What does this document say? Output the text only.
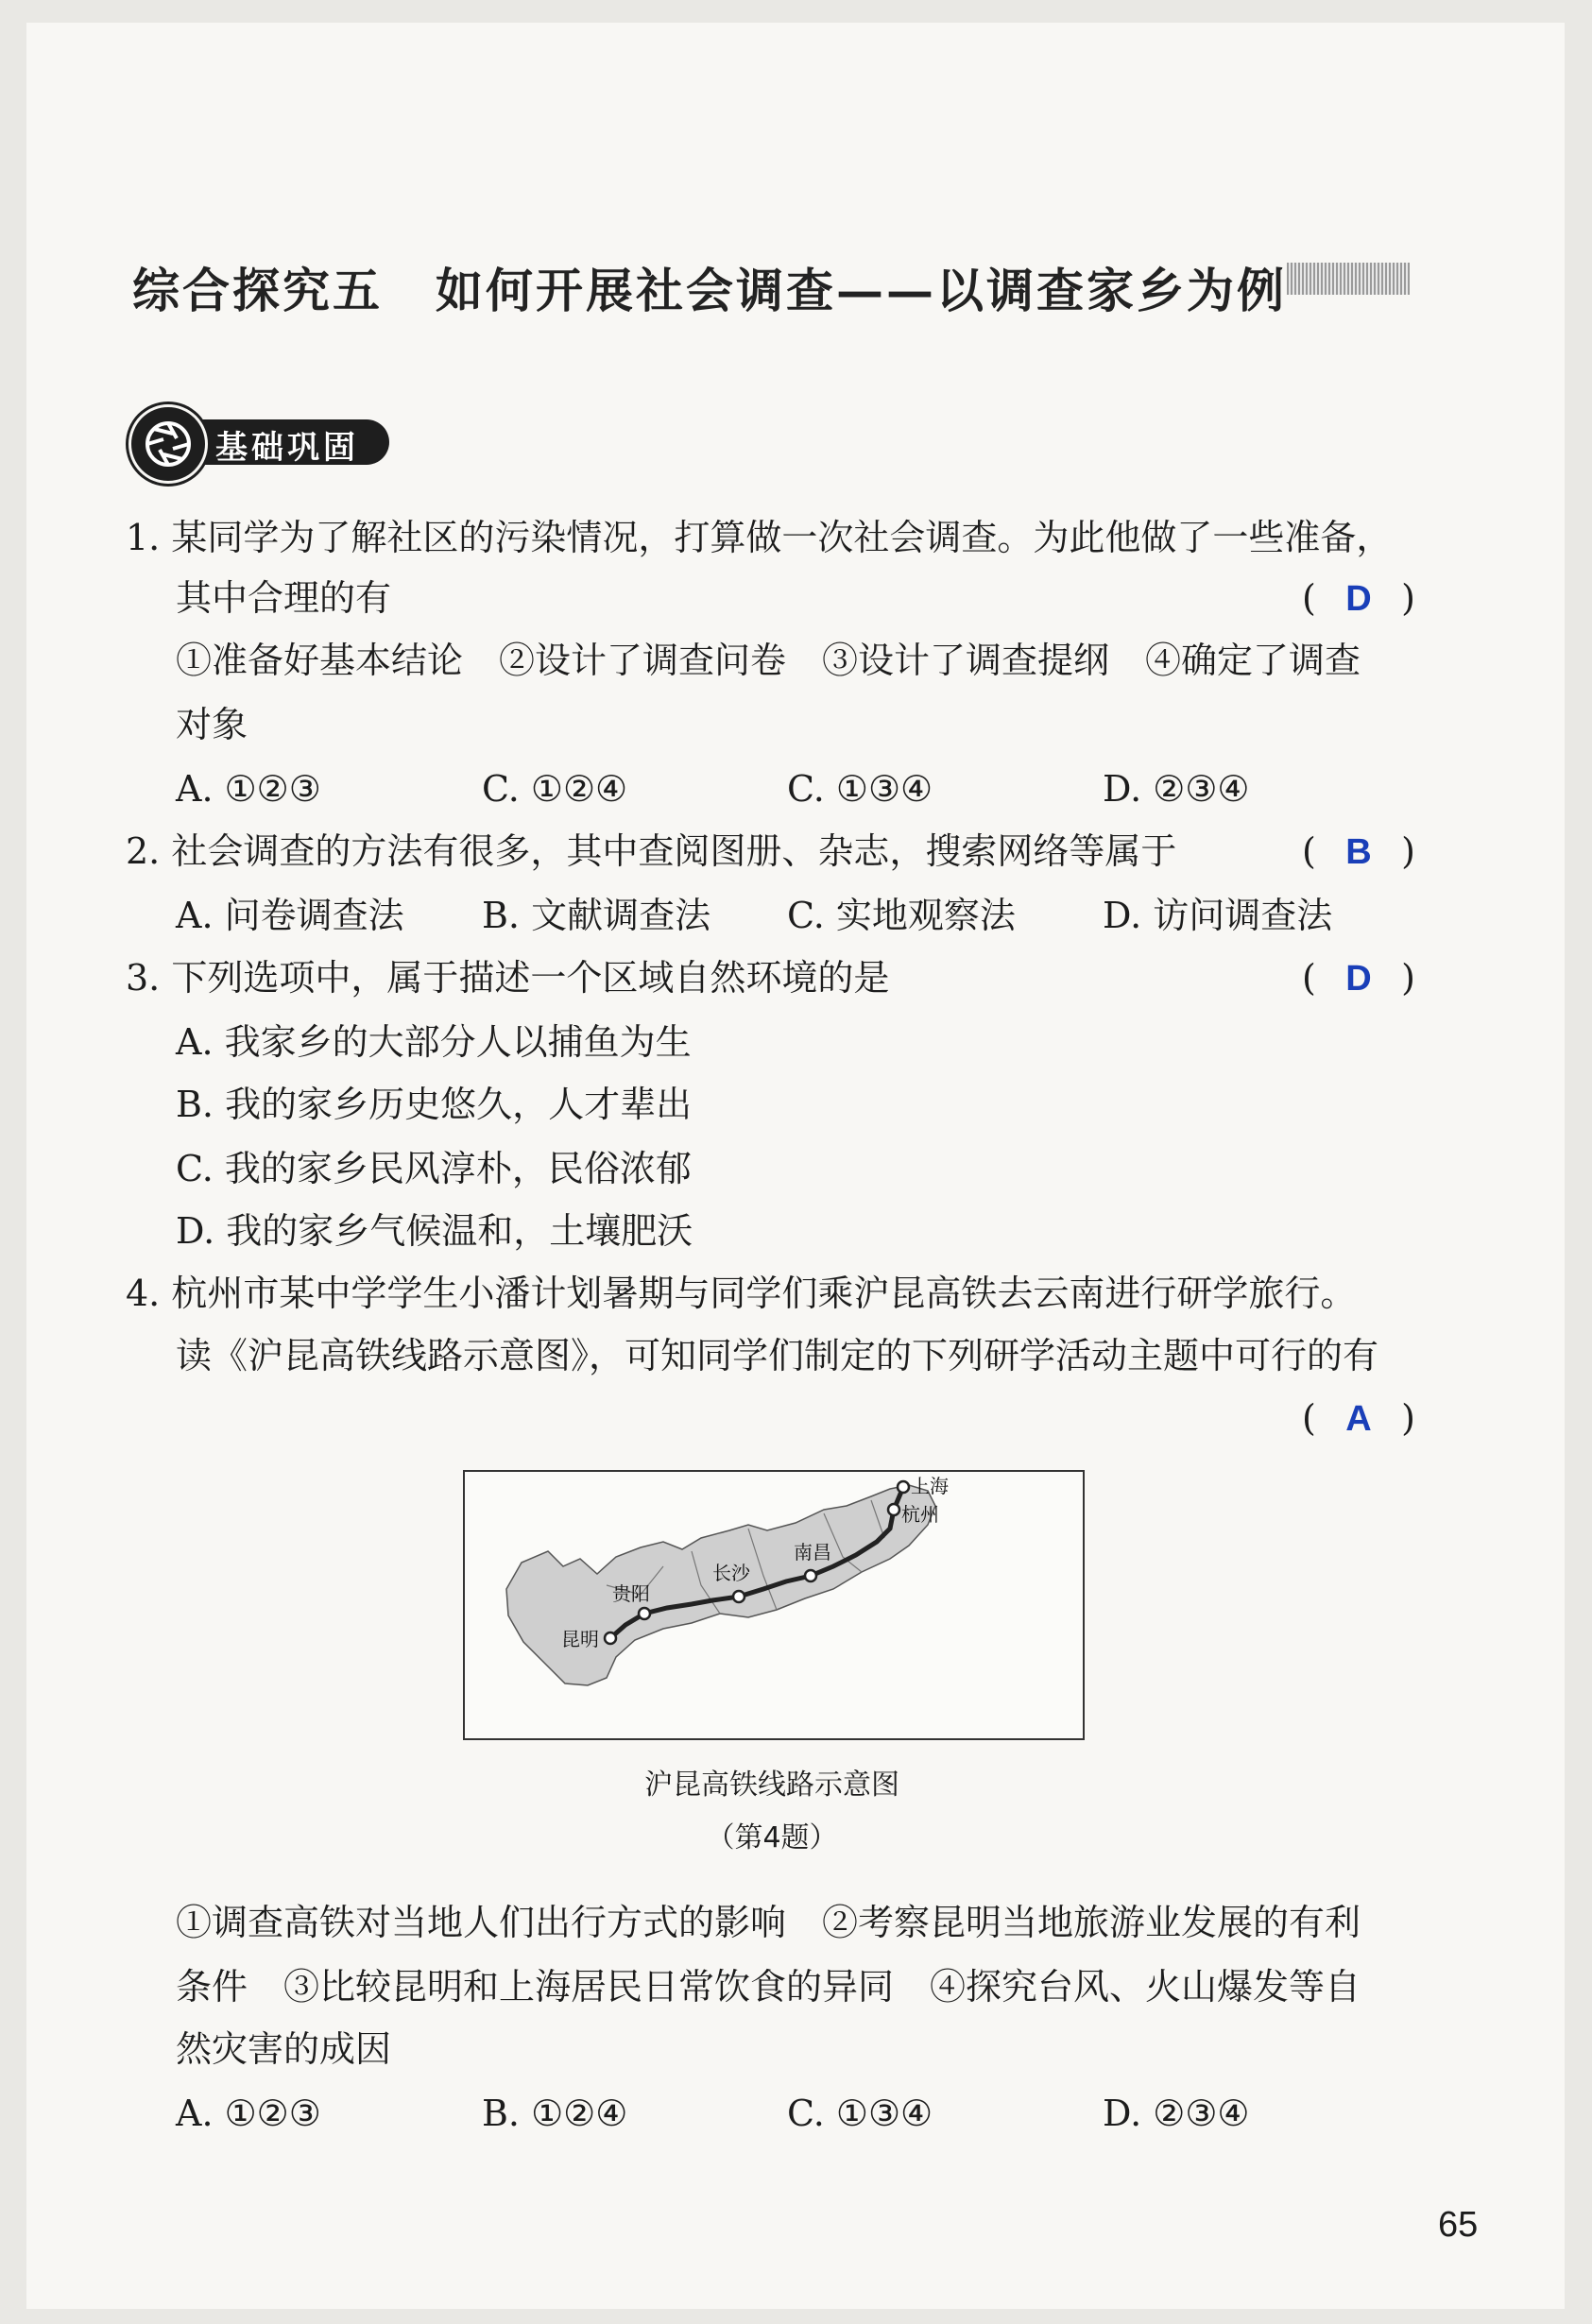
综合探究五 如何开展社会调查——以调查家乡为例
基础巩固
1. 某同学为了解社区的污染情况，打算做一次社会调查。为此他做了一些准备，
其中合理的有	( D )
①准备好基本结论　②设计了调查问卷　③设计了调查提纲　④确定了调查
对象
A. ①②③	C. ①②④	C. ①③④	D. ②③④
2. 社会调查的方法有很多，其中查阅图册、杂志，搜索网络等属于	( B )
A. 问卷调查法 B. 文献调查法 C. 实地观察法 D. 访问调查法
3. 下列选项中，属于描述一个区域自然环境的是	( D )
A. 我家乡的大部分人以捕鱼为生
B. 我的家乡历史悠久，人才辈出
C. 我的家乡民风淳朴，民俗浓郁
D. 我的家乡气候温和，土壤肥沃
4. 杭州市某中学学生小潘计划暑期与同学们乘沪昆高铁去云南进行研学旅行。
读《沪昆高铁线路示意图》，可知同学们制定的下列研学活动主题中可行的有
( A )
上海
杭州
南昌
长沙
贵阳
昆明
沪昆高铁线路示意图
（第4题）
①调查高铁对当地人们出行方式的影响　②考察昆明当地旅游业发展的有利
条件　③比较昆明和上海居民日常饮食的异同　④探究台风、火山爆发等自
然灾害的成因
A. ①②③	B. ①②④	C. ①③④	D. ②③④
65
